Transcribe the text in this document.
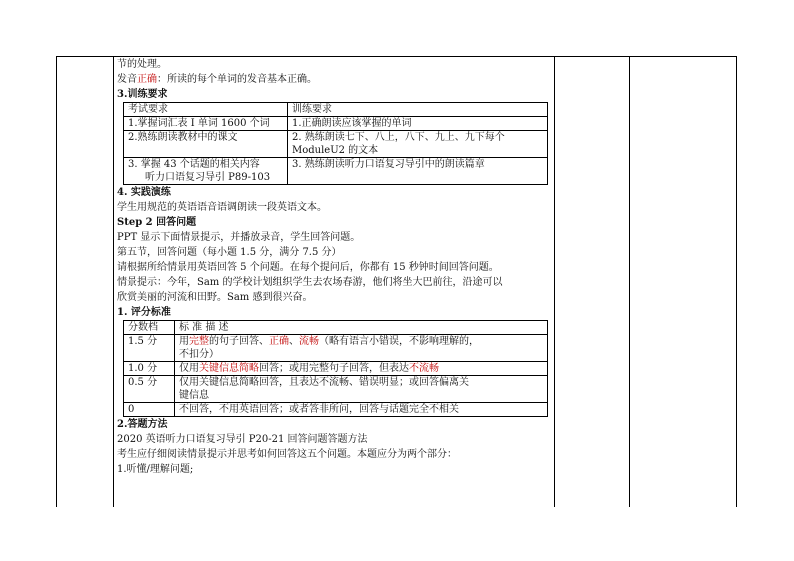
节的处理。
发音正确：所读的每个单词的发音基本正确。
3.训练要求
考试要求	训练要求
1.掌握词汇表 I 单词 1600 个词	1.正确朗读应该掌握的单词
2.熟练朗读教材中的课文	2. 熟练朗读七下、八上，八下、九上、九下每个
ModuleU2 的文本

3. 掌握 43 个话题的相关内容
听力口语复习导引 P89-103	3. 熟练朗读听力口语复习导引中的朗读篇章
4. 实践演练
学生用规范的英语语音语调朗读一段英语文本。
Step 2 回答问题
PPT 显示下面情景提示，并播放录音，学生回答问题。
第五节，回答问题（每小题 1.5 分，满分 7.5 分）
请根据所给情景用英语回答 5 个问题。在每个提问后，你都有 15 秒钟时间回答问题。
情景提示：今年，Sam 的学校计划组织学生去农场春游，他们将坐大巴前往，沿途可以
欣赏美丽的河流和田野。Sam 感到很兴奋。
1. 评分标准
分数档	标 准 描 述
1.5 分	用完整的句子回答、正确、流畅（略有语言小错误，不影响理解的，
不扣分）
1.0 分	仅用关键信息简略回答；或用完整句子回答，但表达不流畅
0.5 分	仅用关键信息简略回答，且表达不流畅、错误明显；或回答偏离关
键信息

0	不回答，不用英语回答；或者答非所问，回答与话题完全不相关
2.答题方法
2020 英语听力口语复习导引 P20-21 回答问题答题方法
考生应仔细阅读情景提示并思考如何回答这五个问题。本题应分为两个部分：
1.听懂/理解问题;
